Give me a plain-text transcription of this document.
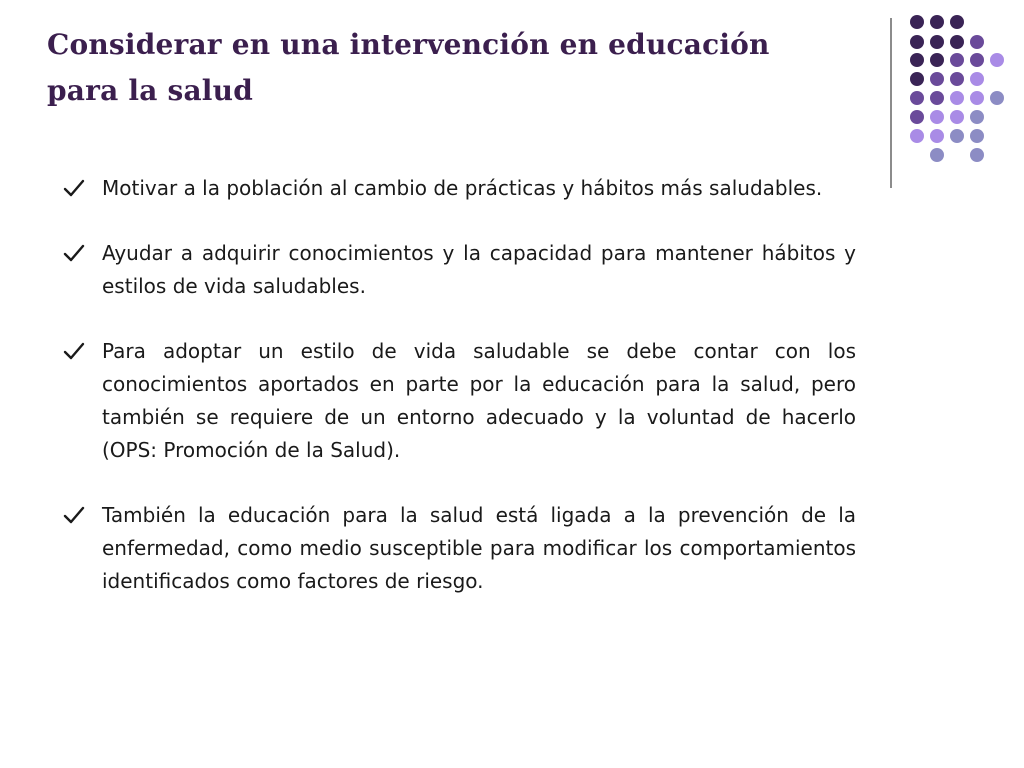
Considerar en una intervención en educación
para la salud

Motivar a la población al cambio de prácticas y hábitos más saludables.

Ayudar a adquirir conocimientos y la capacidad para mantener hábitos y estilos de vida saludables.

Para adoptar un estilo de vida saludable se debe contar con los conocimientos aportados en parte por la educación para la salud, pero también se requiere de un entorno adecuado y la voluntad de hacerlo (OPS: Promoción de la Salud).

También la educación para la salud está ligada a la prevención de la enfermedad, como medio susceptible para modificar los comportamientos identificados como factores de riesgo.
